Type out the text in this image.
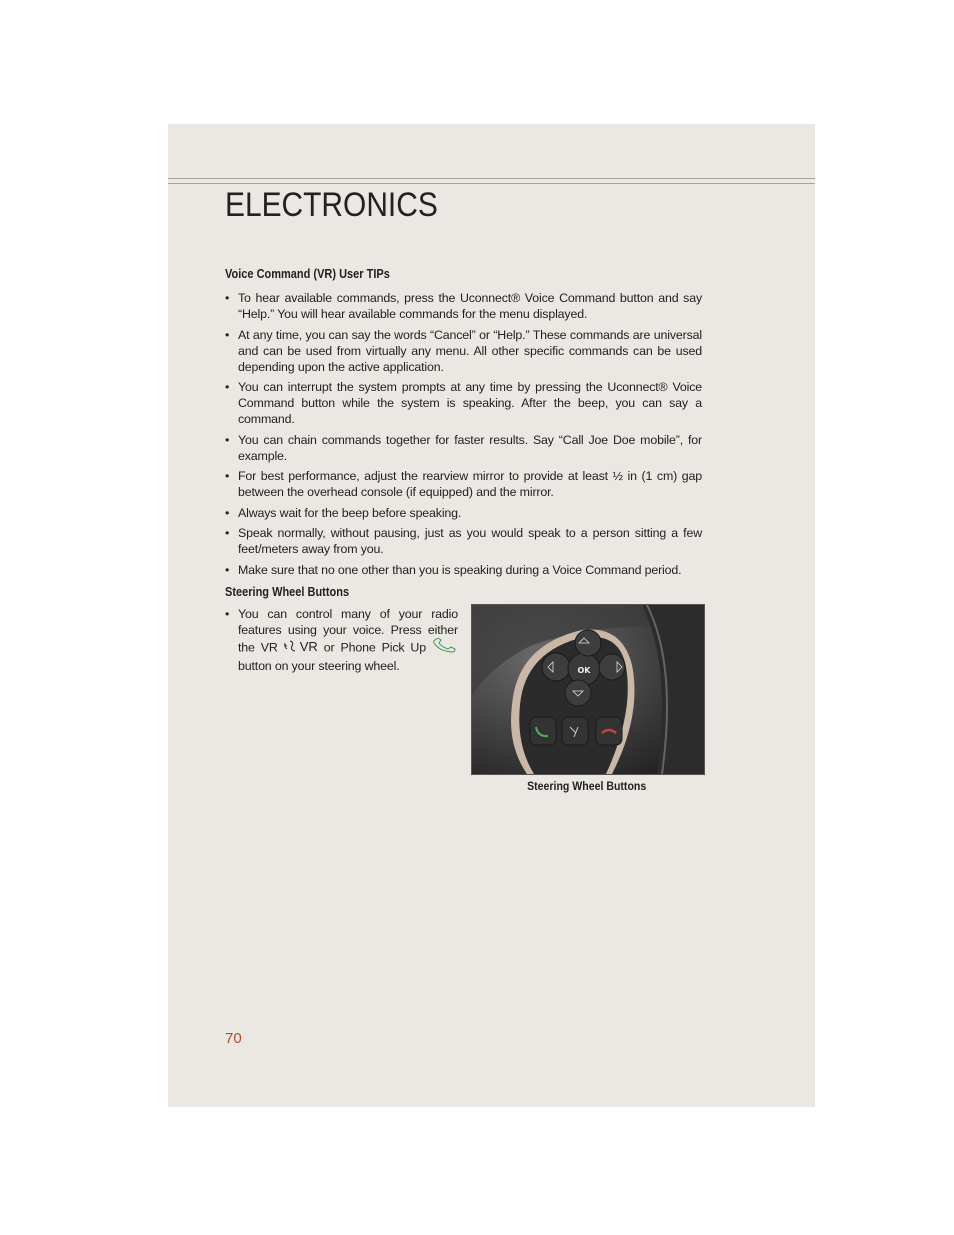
ELECTRONICS
Voice Command (VR) User TIPs
• To hear available commands, press the Uconnect® Voice Command button and say “Help.” You will hear available commands for the menu displayed.
• At any time, you can say the words “Cancel” or “Help.” These commands are universal and can be used from virtually any menu. All other specific commands can be used depending upon the active application.
• You can interrupt the system prompts at any time by pressing the Uconnect® Voice Command button while the system is speaking. After the beep, you can say a command.
• You can chain commands together for faster results. Say “Call Joe Doe mobile”, for example.
• For best performance, adjust the rearview mirror to provide at least ½ in (1 cm) gap between the overhead console (if equipped) and the mirror.
• Always wait for the beep before speaking.
• Speak normally, without pausing, just as you would speak to a person sitting a few feet/meters away from you.
• Make sure that no one other than you is speaking during a Voice Command period.
Steering Wheel Buttons
• You can control many of your radio features using your voice. Press either the VR VR or Phone Pick Up  button on your steering wheel.	OK
Steering Wheel Buttons
70
